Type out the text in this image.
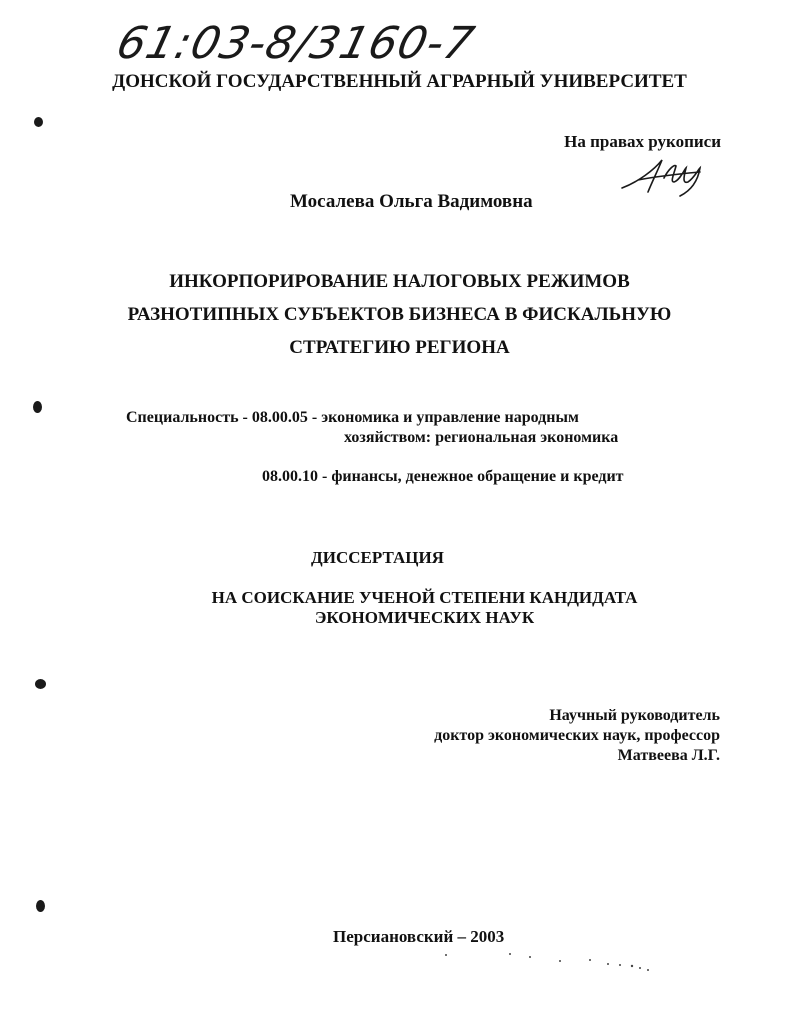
61:03-8/3160-7

ДОНСКОЙ ГОСУДАРСТВЕННЫЙ АГРАРНЫЙ УНИВЕРСИТЕТ

На правах рукописи

Мосалева Ольга Вадимовна

ИНКОРПОРИРОВАНИЕ НАЛОГОВЫХ РЕЖИМОВ

РАЗНОТИПНЫХ СУБЪЕКТОВ БИЗНЕСА В ФИСКАЛЬНУЮ

СТРАТЕГИЮ РЕГИОНА

Специальность - 08.00.05 - экономика и управление народным

хозяйством: региональная экономика

08.00.10 - финансы, денежное обращение и кредит

ДИССЕРТАЦИЯ

НА СОИСКАНИЕ УЧЕНОЙ СТЕПЕНИ КАНДИДАТА

ЭКОНОМИЧЕСКИХ НАУК

Научный руководитель

доктор экономических наук, профессор

Матвеева Л.Г.

Персиановский – 2003
